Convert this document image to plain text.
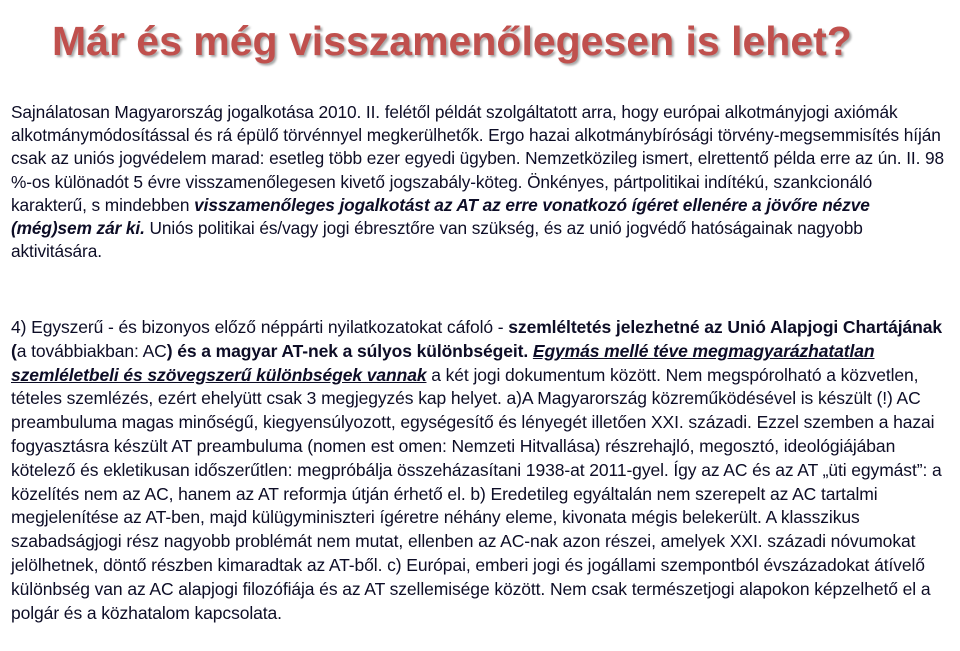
Már és még visszamenőlegesen is lehet?

Sajnálatosan Magyarország jogalkotása 2010. II. felétől példát szolgáltatott arra, hogy európai alkotmányjogi axiómák alkotmánymódosítással és rá épülő törvénnyel megkerülhetők. Ergo hazai alkotmánybírósági törvény-megsemmisítés híján csak az uniós jogvédelem marad: esetleg több ezer egyedi ügyben. Nemzetközileg ismert, elrettentő példa erre az ún. II. 98 %-os különadót 5 évre visszamenőlegesen kivető jogszabály-köteg. Önkényes, pártpolitikai indítékú, szankcionáló karakterű, s mindebben visszamenőleges jogalkotást az AT az erre vonatkozó ígéret ellenére a jövőre nézve (még)sem zár ki. Uniós politikai és/vagy jogi ébresztőre van szükség, és az unió jogvédő hatóságainak nagyobb aktivitására.

4) Egyszerű - és bizonyos előző néppárti nyilatkozatokat cáfoló - szemléltetés jelezhetné az Unió Alapjogi Chartájának (a továbbiakban: AC) és a magyar AT-nek a súlyos különbségeit. Egymás mellé téve megmagyarázhatatlan szemléletbeli és szövegszerű különbségek vannak a két jogi dokumentum között. Nem megspórolható a közvetlen, tételes szemlézés, ezért ehelyütt csak 3 megjegyzés kap helyet. a)A Magyarország közreműködésével is készült (!) AC preambuluma magas minőségű, kiegyensúlyozott, egységesítő és lényegét illetően XXI. századi. Ezzel szemben a hazai fogyasztásra készült AT preambuluma (nomen est omen: Nemzeti Hitvallása) részrehajló, megosztó, ideológiájában kötelező és ekletikusan időszerűtlen: megpróbálja összeházasítani 1938-at 2011-gyel. Így az AC és az AT „üti egymást”: a közelítés nem az AC, hanem az AT reformja útján érhető el. b) Eredetileg egyáltalán nem szerepelt az AC tartalmi megjelenítése az AT-ben, majd külügyminiszteri ígéretre néhány eleme, kivonata mégis belekerült. A klasszikus szabadságjogi rész nagyobb problémát nem mutat, ellenben az AC-nak azon részei, amelyek XXI. századi nóvumokat jelölhetnek, döntő részben kimaradtak az AT-ből. c) Európai, emberi jogi és jogállami szempontból évszázadokat átívelő különbség van az AC alapjogi filozófiája és az AT szellemisége között. Nem csak természetjogi alapokon képzelhető el a polgár és a közhatalom kapcsolata.
